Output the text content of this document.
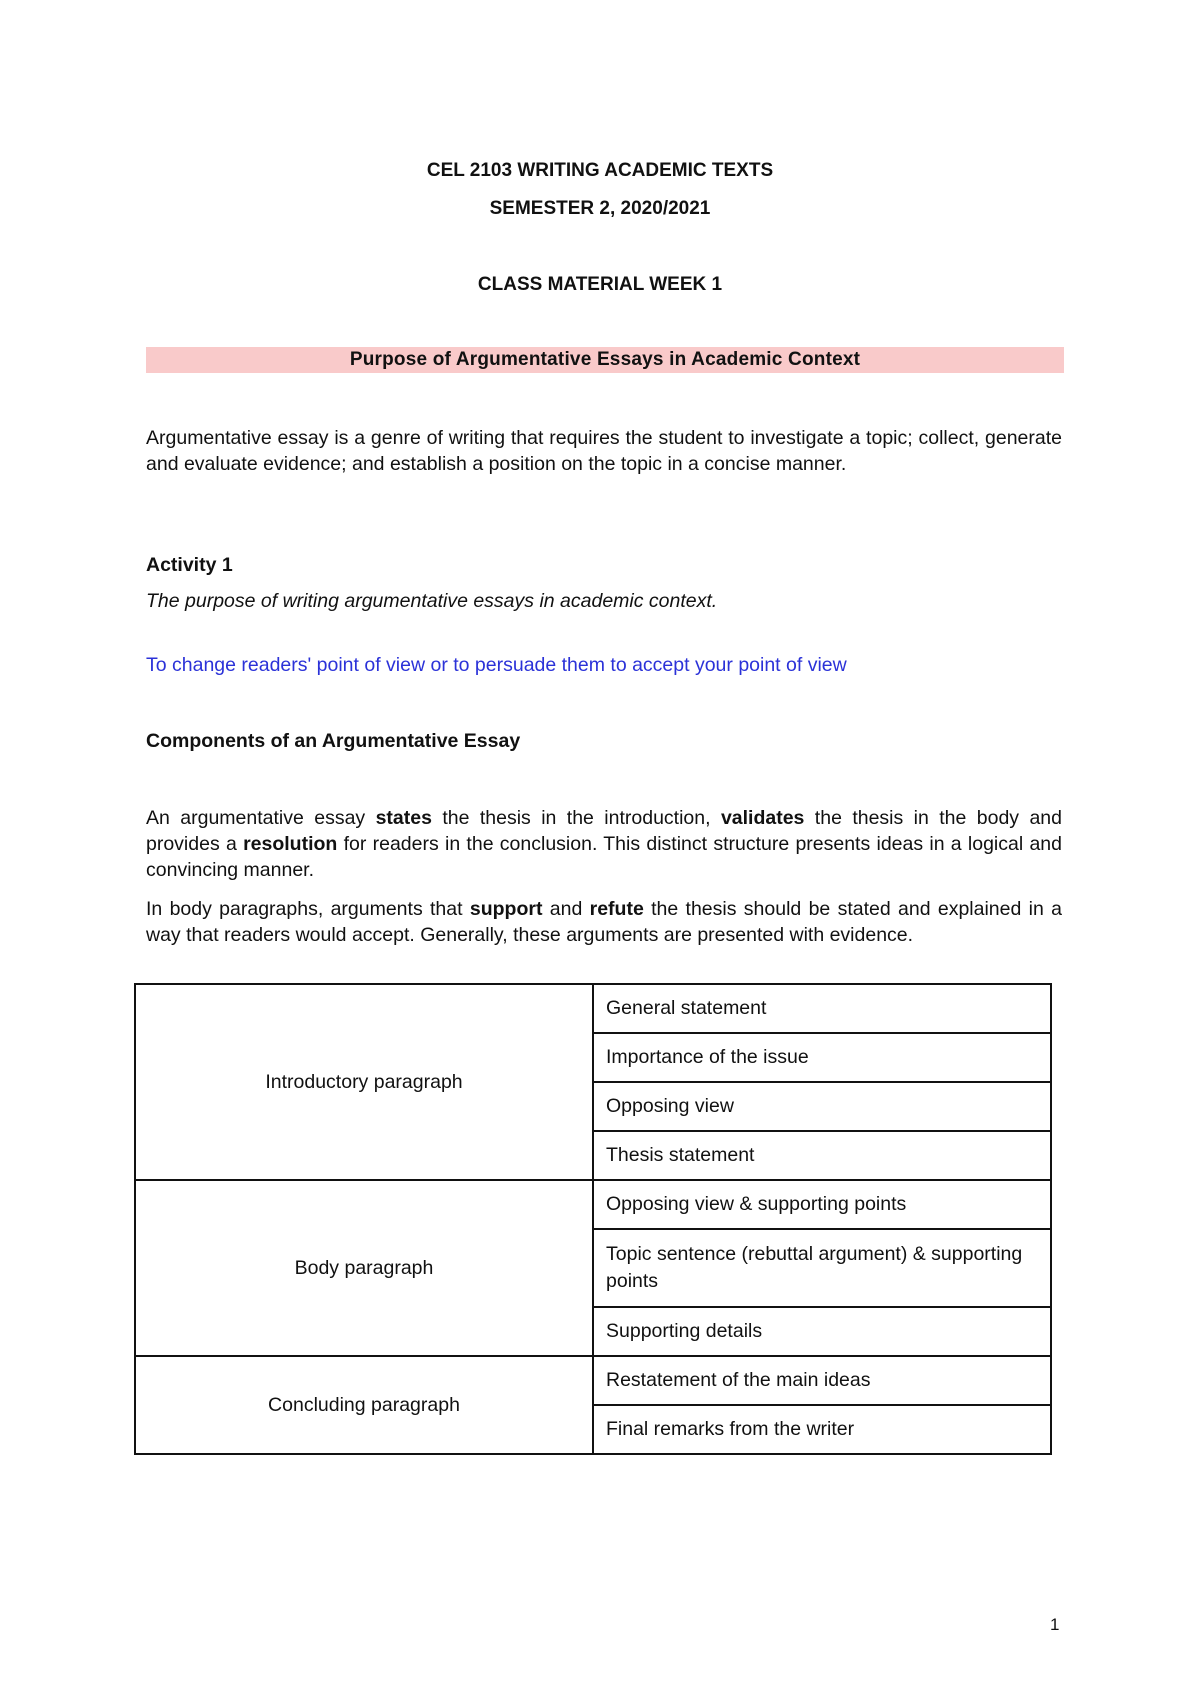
CEL 2103 WRITING ACADEMIC TEXTS
SEMESTER 2, 2020/2021
CLASS MATERIAL WEEK 1
Purpose of Argumentative Essays in Academic Context
Argumentative essay is a genre of writing that requires the student to investigate a topic; collect, generate and evaluate evidence; and establish a position on the topic in a concise manner.
Activity 1
The purpose of writing argumentative essays in academic context.
To change readers' point of view or to persuade them to accept your point of view
Components of an Argumentative Essay
An argumentative essay states the thesis in the introduction, validates the thesis in the body and provides a resolution for readers in the conclusion. This distinct structure presents ideas in a logical and convincing manner.
In body paragraphs, arguments that support and refute the thesis should be stated and explained in a way that readers would accept. Generally, these arguments are presented with evidence.
Introductory paragraph	General statement
	Importance of the issue
	Opposing view
	Thesis statement
Body paragraph	Opposing view & supporting points
	Topic sentence (rebuttal argument) & supporting points
	Supporting details
Concluding paragraph	Restatement of the main ideas
	Final remarks from the writer
1
